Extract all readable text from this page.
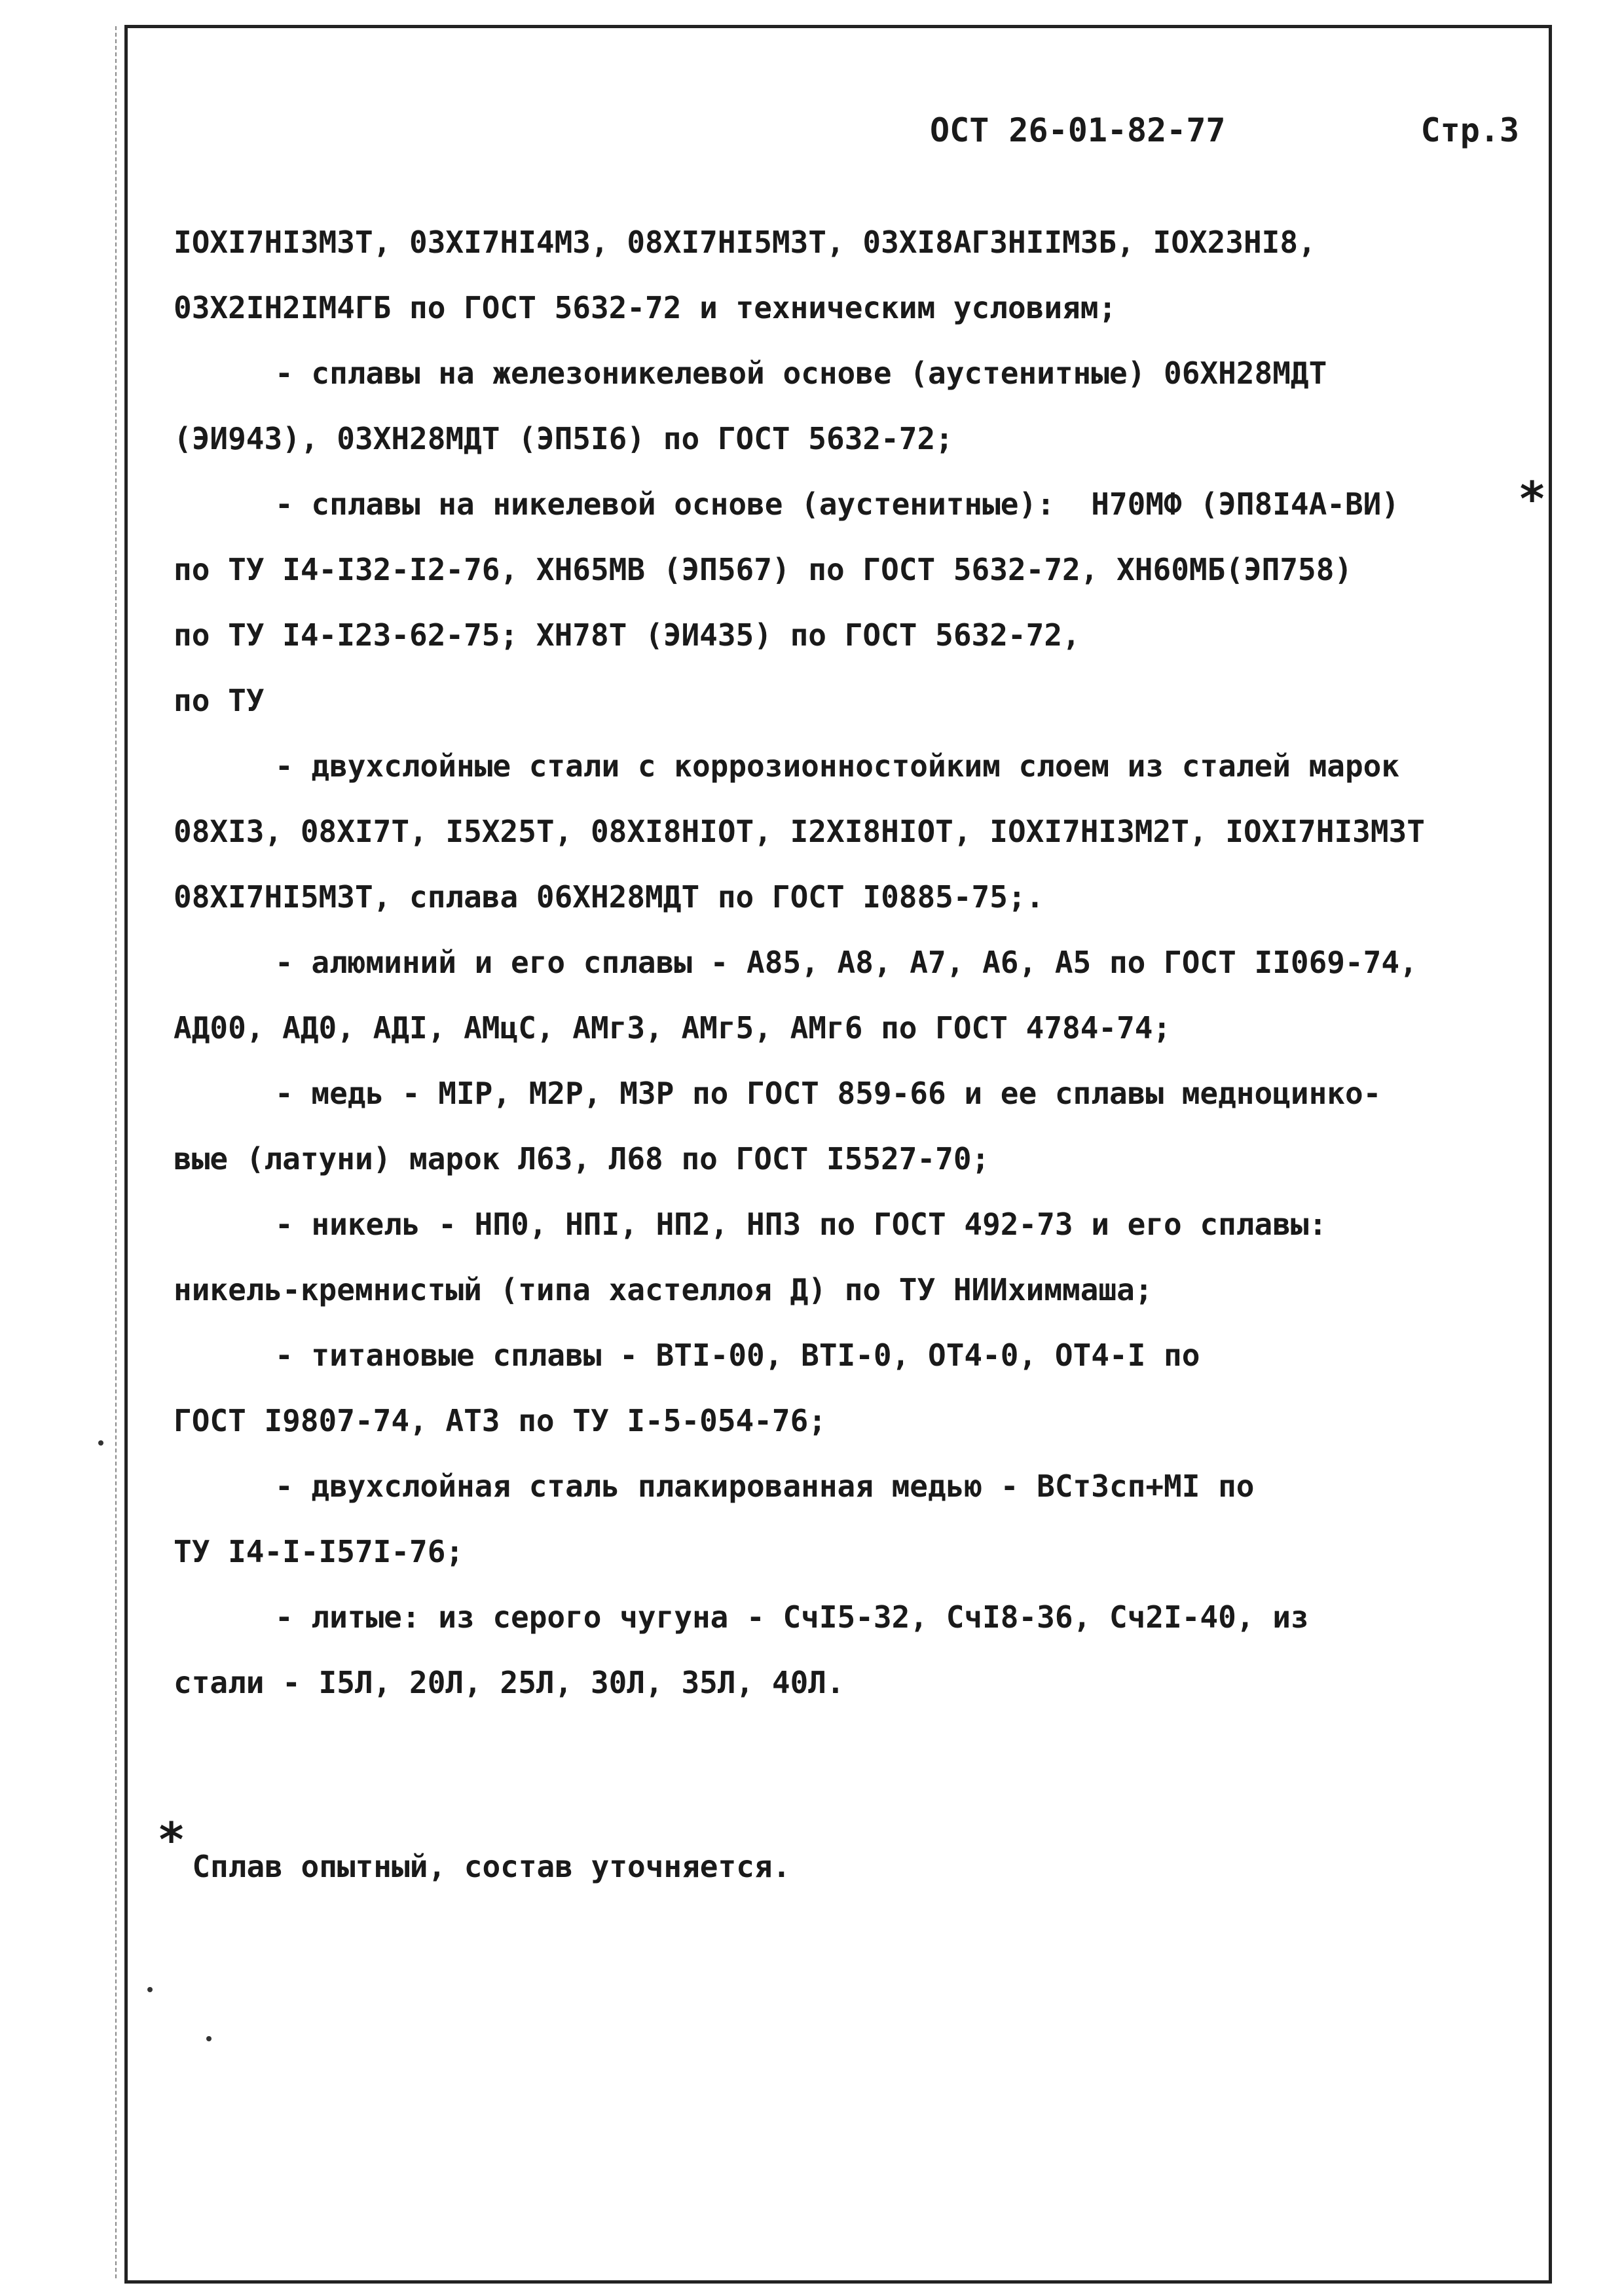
ОСТ 26-01-82-77	Стр.3
*
IOXI7HI3M3T, 03XI7HI4M3, 08XI7HI5M3T, 03XI8AГ3HIIM3Б, IOX23HI8,
03X2IH2IM4ГБ по ГОСТ 5632-72 и техническим условиям;
- сплавы на железоникелевой основе (аустенитные) 06XH28MДT
(ЭИ943), 03XH28MДT (ЭП5I6) по ГОСТ 5632-72;
- сплавы на никелевой основе (аустенитные):  H70MФ (ЭП8I4А-ВИ)
по ТУ I4-I32-I2-76, XH65MB (ЭП567) по ГОСТ 5632-72, XH60MБ(ЭП758)
по ТУ I4-I23-62-75; XH78T (ЭИ435) по ГОСТ 5632-72,
по ТУ
- двухслойные стали с коррозионностойким слоем из сталей марок
08XI3, 08XI7T, I5X25T, 08XI8HIOT, I2XI8HIOT, IOXI7HI3M2T, IOXI7HI3M3T
08XI7HI5M3T, сплава 06XH28MДT по ГОСТ I0885-75;.
- алюминий и его сплавы - А85, А8, А7, А6, А5 по ГОСТ II069-74,
АД00, АД0, АДI, АМцС, АМг3, АМг5, АМг6 по ГОСТ 4784-74;
- медь - МIР, М2Р, М3Р по ГОСТ 859-66 и ее сплавы медноцинко-
вые (латуни) марок Л63, Л68 по ГОСТ I5527-70;
- никель - НП0, НПI, НП2, НП3 по ГОСТ 492-73 и его сплавы:
никель-кремнистый (типа хастеллоя Д) по ТУ НИИхиммаша;
- титановые сплавы - ВТI-00, ВТI-0, ОТ4-0, ОТ4-I по
ГОСТ I9807-74, АТ3 по ТУ I-5-054-76;
- двухслойная сталь плакированная медью - ВСт3сп+МI по
ТУ I4-I-I57I-76;
- литые: из серого чугуна - СчI5-32, СчI8-36, Сч2I-40, из
стали - I5Л, 20Л, 25Л, 30Л, 35Л, 40Л.
* Сплав опытный, состав уточняется.
